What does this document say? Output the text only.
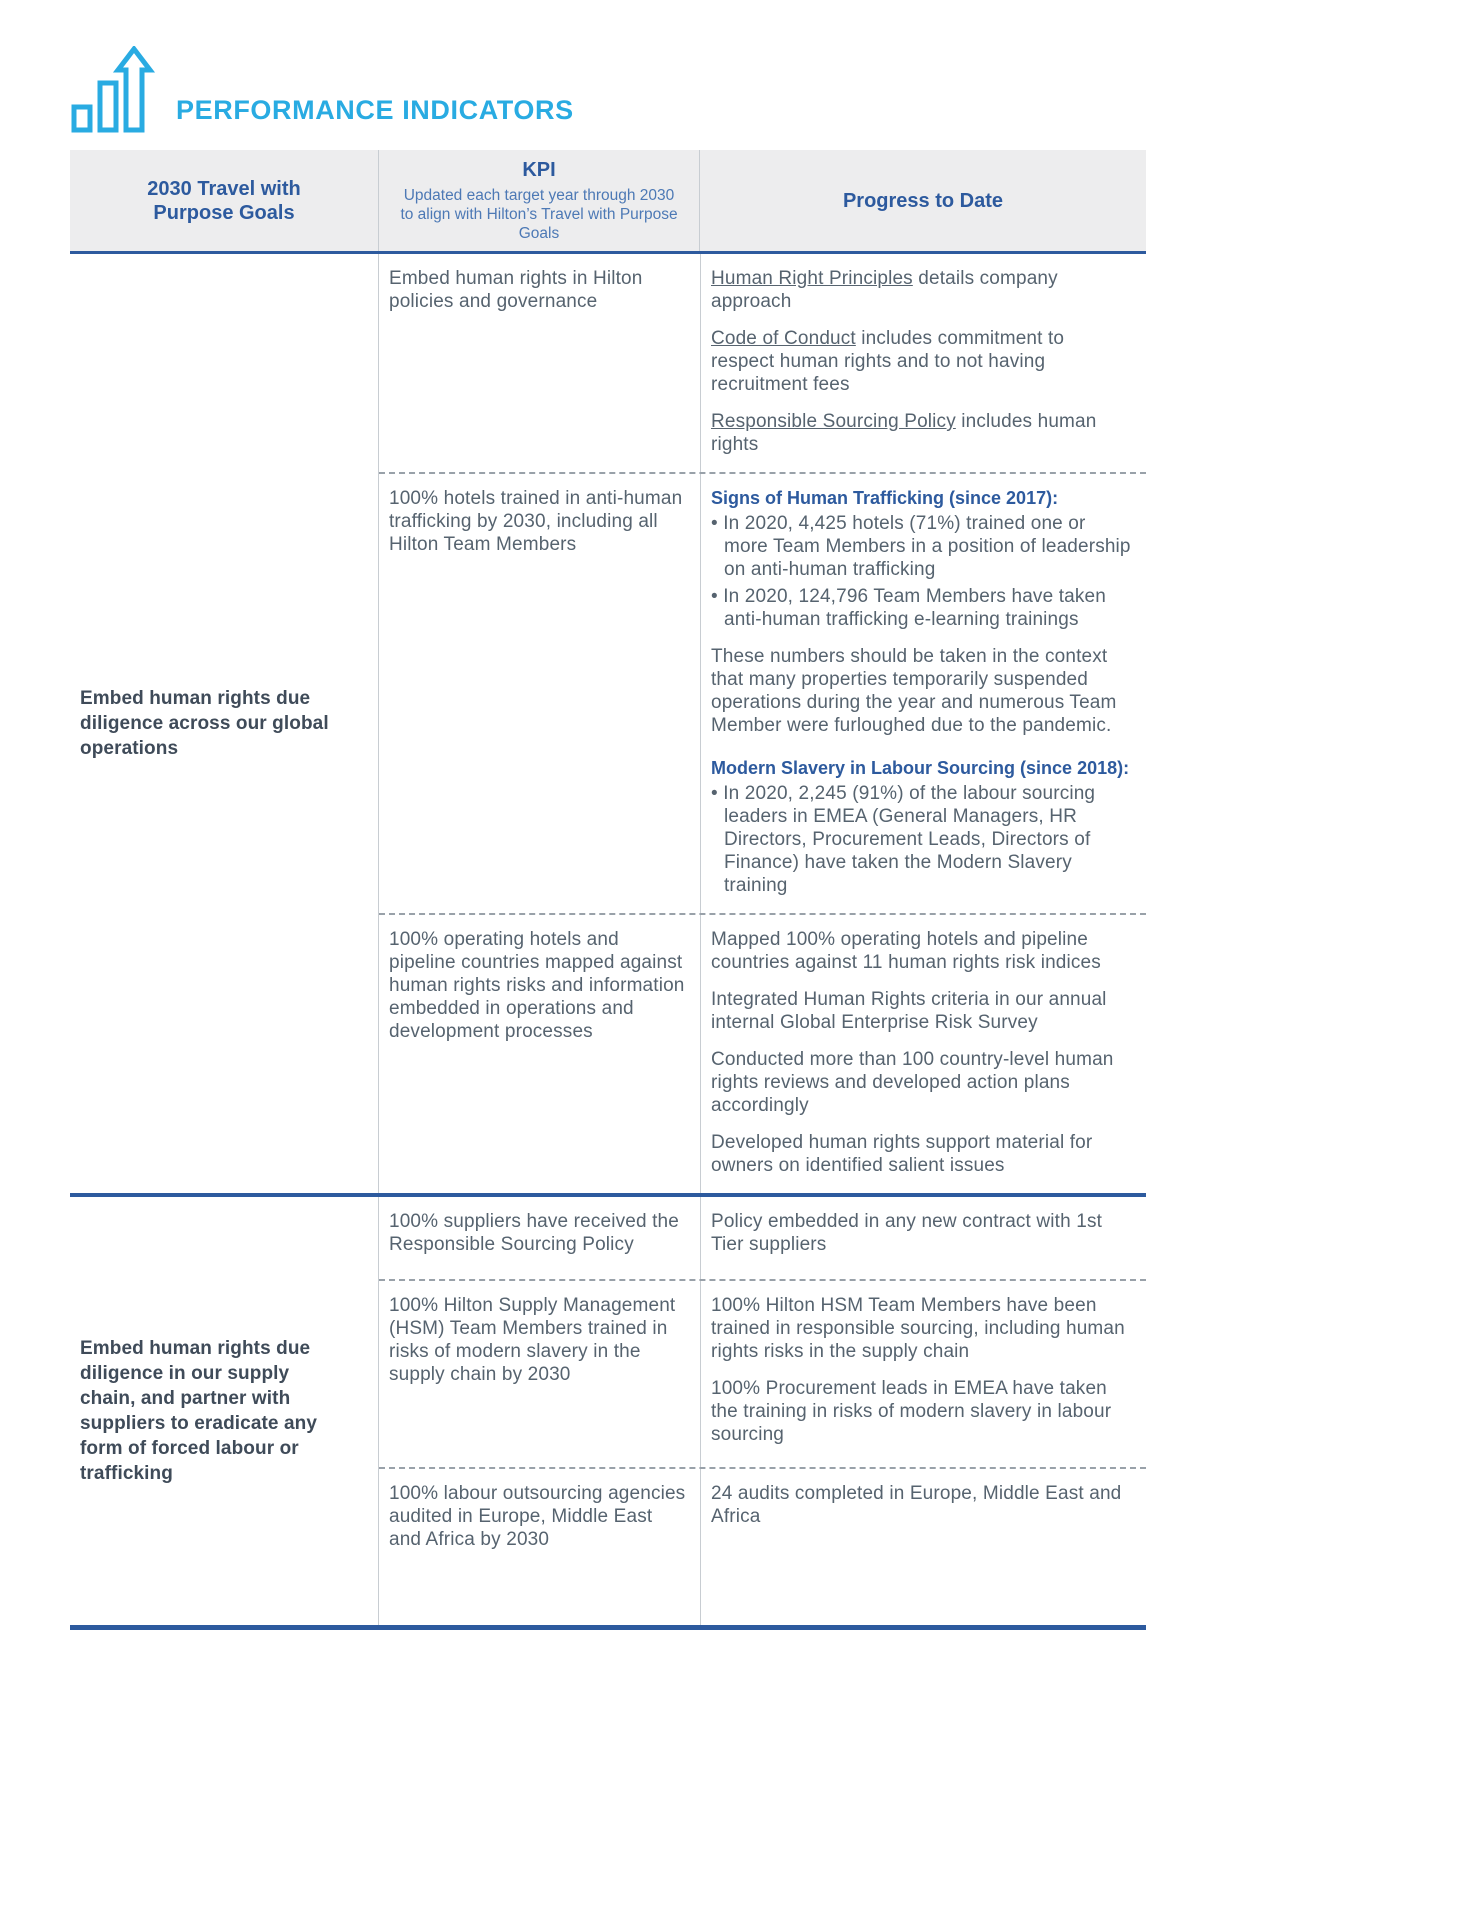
PERFORMANCE INDICATORS
2030 Travel with Purpose Goals
KPI
Updated each target year through 2030 to align with Hilton’s Travel with Purpose Goals
Progress to Date

Embed human rights due diligence across our global operations

Embed human rights in Hilton policies and governance

Human Right Principles details company approach

Code of Conduct includes commitment to respect human rights and to not having recruitment fees

Responsible Sourcing Policy includes human rights

100% hotels trained in anti-human trafficking by 2030, including all Hilton Team Members

Signs of Human Trafficking (since 2017):

• In 2020, 4,425 hotels (71%) trained one or more Team Members in a position of leadership on anti-human trafficking

• In 2020, 124,796 Team Members have taken anti-human trafficking e-learning trainings

These numbers should be taken in the context that many properties temporarily suspended operations during the year and numerous Team Member were furloughed due to the pandemic.

Modern Slavery in Labour Sourcing (since 2018):

• In 2020, 2,245 (91%) of the labour sourcing leaders in EMEA (General Managers, HR Directors, Procurement Leads, Directors of Finance) have taken the Modern Slavery training

100% operating hotels and pipeline countries mapped against human rights risks and information embedded in operations and development processes

Mapped 100% operating hotels and pipeline countries against 11 human rights risk indices

Integrated Human Rights criteria in our annual internal Global Enterprise Risk Survey

Conducted more than 100 country-level human rights reviews and developed action plans accordingly

Developed human rights support material for owners on identified salient issues

Embed human rights due diligence in our supply chain, and partner with suppliers to eradicate any form of forced labour or trafficking

100% suppliers have received the Responsible Sourcing Policy

Policy embedded in any new contract with 1st Tier suppliers

100% Hilton Supply Management (HSM) Team Members trained in risks of modern slavery in the supply chain by 2030

100% Hilton HSM Team Members have been trained in responsible sourcing, including human rights risks in the supply chain

100% Procurement leads in EMEA have taken the training in risks of modern slavery in labour sourcing

100% labour outsourcing agencies audited in Europe, Middle East and Africa by 2030

24 audits completed in Europe, Middle East and Africa
